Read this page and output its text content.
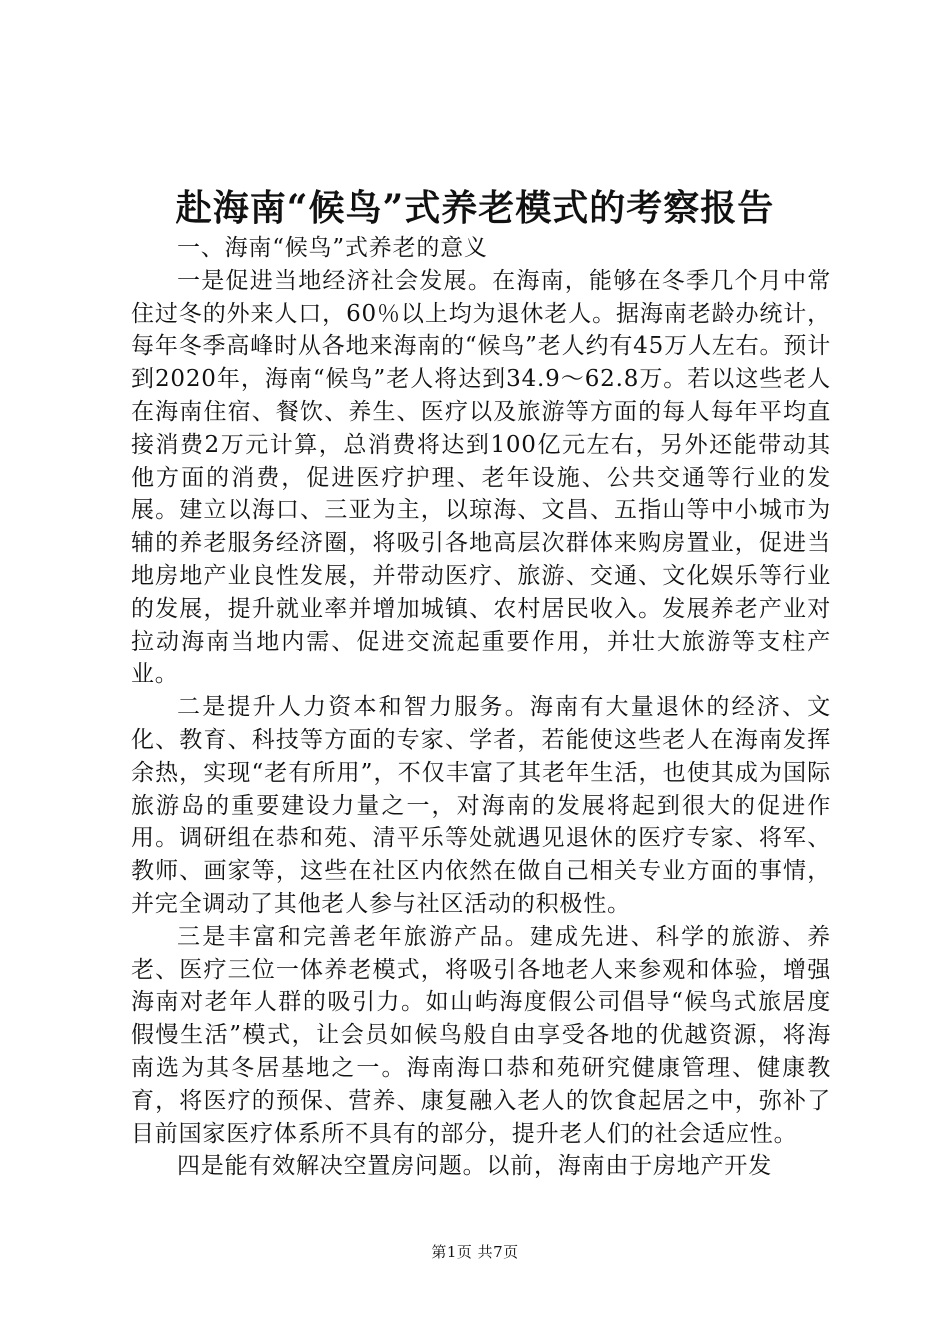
赴海南“候鸟”式养老模式的考察报告

一、海南“候鸟”式养老的意义

一是促进当地经济社会发展。在海南，能够在冬季几个月中常住过冬的外来人口，60％以上均为退休老人。据海南老龄办统计，每年冬季高峰时从各地来海南的“候鸟”老人约有45万人左右。预计到2020年，海南“候鸟”老人将达到34.9～62.8万。若以这些老人在海南住宿、餐饮、养生、医疗以及旅游等方面的每人每年平均直接消费2万元计算，总消费将达到100亿元左右，另外还能带动其他方面的消费，促进医疗护理、老年设施、公共交通等行业的发展。建立以海口、三亚为主，以琼海、文昌、五指山等中小城市为辅的养老服务经济圈，将吸引各地高层次群体来购房置业，促进当地房地产业良性发展，并带动医疗、旅游、交通、文化娱乐等行业的发展，提升就业率并增加城镇、农村居民收入。发展养老产业对拉动海南当地内需、促进交流起重要作用，并壮大旅游等支柱产业。

二是提升人力资本和智力服务。海南有大量退休的经济、文化、教育、科技等方面的专家、学者，若能使这些老人在海南发挥余热，实现“老有所用”，不仅丰富了其老年生活，也使其成为国际旅游岛的重要建设力量之一，对海南的发展将起到很大的促进作用。调研组在恭和苑、清平乐等处就遇见退休的医疗专家、将军、教师、画家等，这些在社区内依然在做自己相关专业方面的事情，并完全调动了其他老人参与社区活动的积极性。

三是丰富和完善老年旅游产品。建成先进、科学的旅游、养老、医疗三位一体养老模式，将吸引各地老人来参观和体验，增强海南对老年人群的吸引力。如山屿海度假公司倡导“候鸟式旅居度假慢生活”模式，让会员如候鸟般自由享受各地的优越资源，将海南选为其冬居基地之一。海南海口恭和苑研究健康管理、健康教育，将医疗的预保、营养、康复融入老人的饮食起居之中，弥补了目前国家医疗体系所不具有的部分，提升老人们的社会适应性。

四是能有效解决空置房问题。以前，海南由于房地产开发

第1页 共7页
